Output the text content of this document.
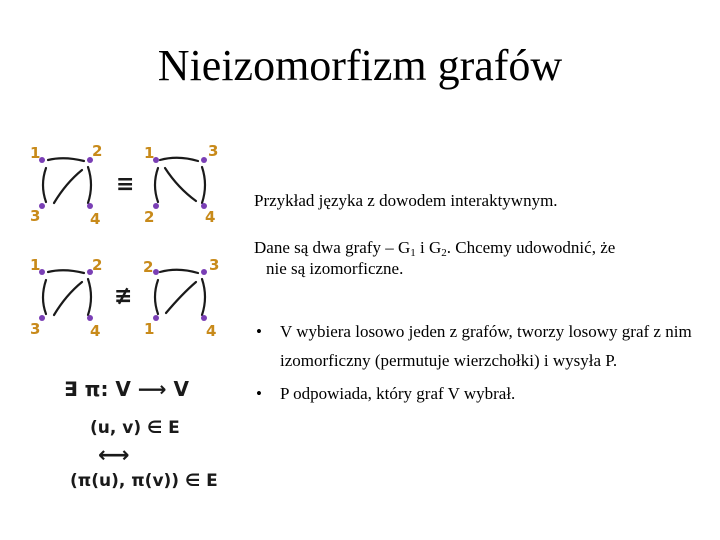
Nieizomorfizm grafów
1	2
3	4
1	3
2	4
1	2
3	4
2	3
1	4
≡
≢
∃ π: V ⟶ V
(u, v) ∈ E
⟷
(π(u), π(v)) ∈ E
Przykład języka z dowodem interaktywnym.
Dane są dwa grafy – $G_1$ i $G_2$. Chcemy udowodnić, że
nie są izomorficzne.
• V wybiera losowo jeden z grafów, tworzy losowy graf z nim izomorficzny (permutuje wierzchołki) i wysyła P.
• P odpowiada, który graf V wybrał.
